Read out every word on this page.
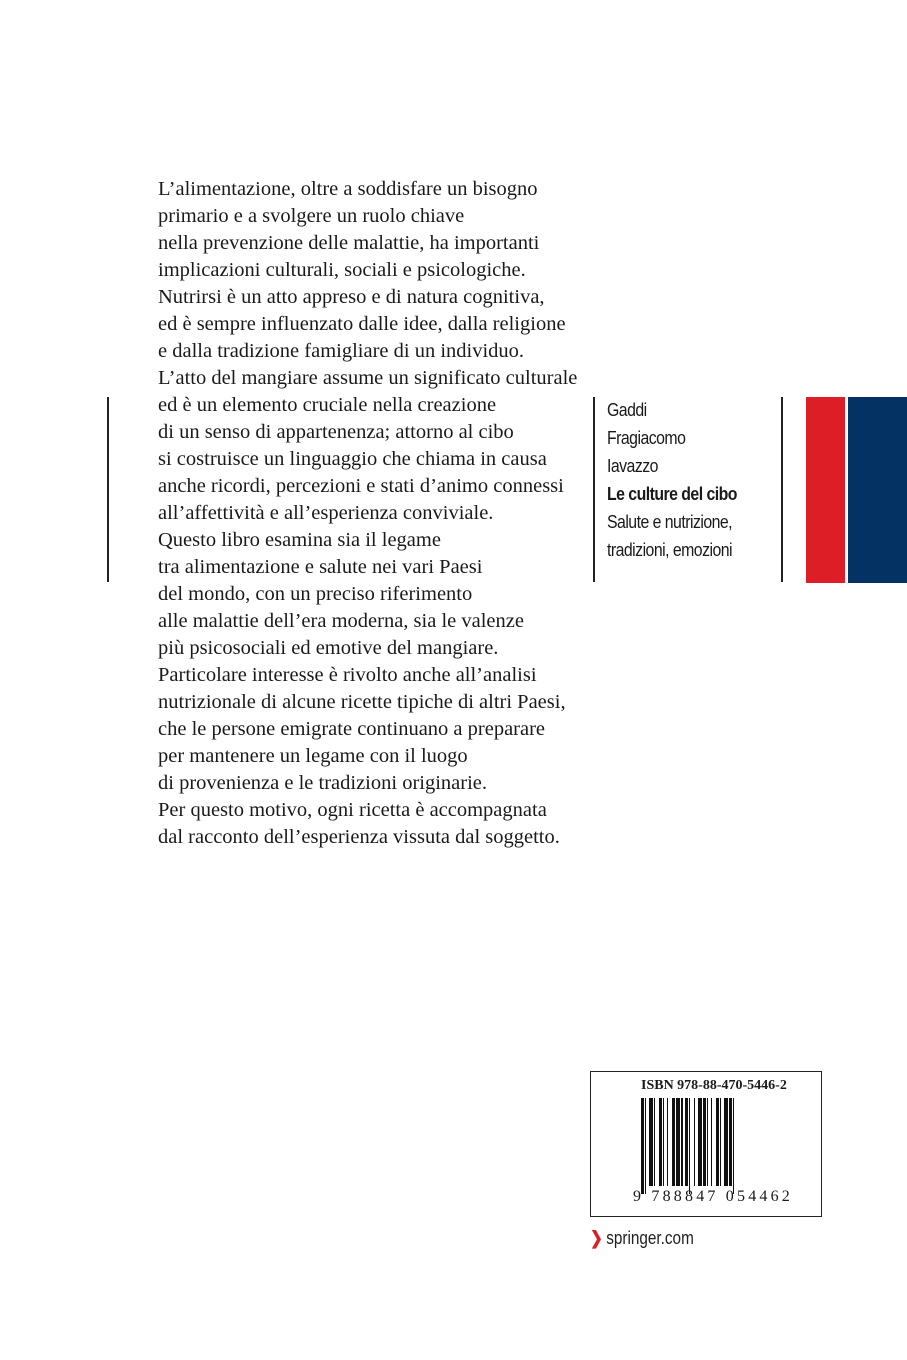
L’alimentazione, oltre a soddisfare un bisogno
primario e a svolgere un ruolo chiave
nella prevenzione delle malattie, ha importanti
implicazioni culturali, sociali e psicologiche.
Nutrirsi è un atto appreso e di natura cognitiva,
ed è sempre influenzato dalle idee, dalla religione
e dalla tradizione famigliare di un individuo.
L’atto del mangiare assume un significato culturale
ed è un elemento cruciale nella creazione
di un senso di appartenenza; attorno al cibo
si costruisce un linguaggio che chiama in causa
anche ricordi, percezioni e stati d’animo connessi
all’affettività e all’esperienza conviviale.
Questo libro esamina sia il legame
tra alimentazione e salute nei vari Paesi
del mondo, con un preciso riferimento
alle malattie dell’era moderna, sia le valenze
più psicosociali ed emotive del mangiare.
Particolare interesse è rivolto anche all’analisi
nutrizionale di alcune ricette tipiche di altri Paesi,
che le persone emigrate continuano a preparare
per mantenere un legame con il luogo
di provenienza e le tradizioni originarie.
Per questo motivo, ogni ricetta è accompagnata
dal racconto dell’esperienza vissuta dal soggetto.
Gaddi
Fragiacomo
Iavazzo
Le culture del cibo
Salute e nutrizione,
tradizioni, emozioni
ISBN 978-88-470-5446-2
9 788847 054462
❯ springer.com
